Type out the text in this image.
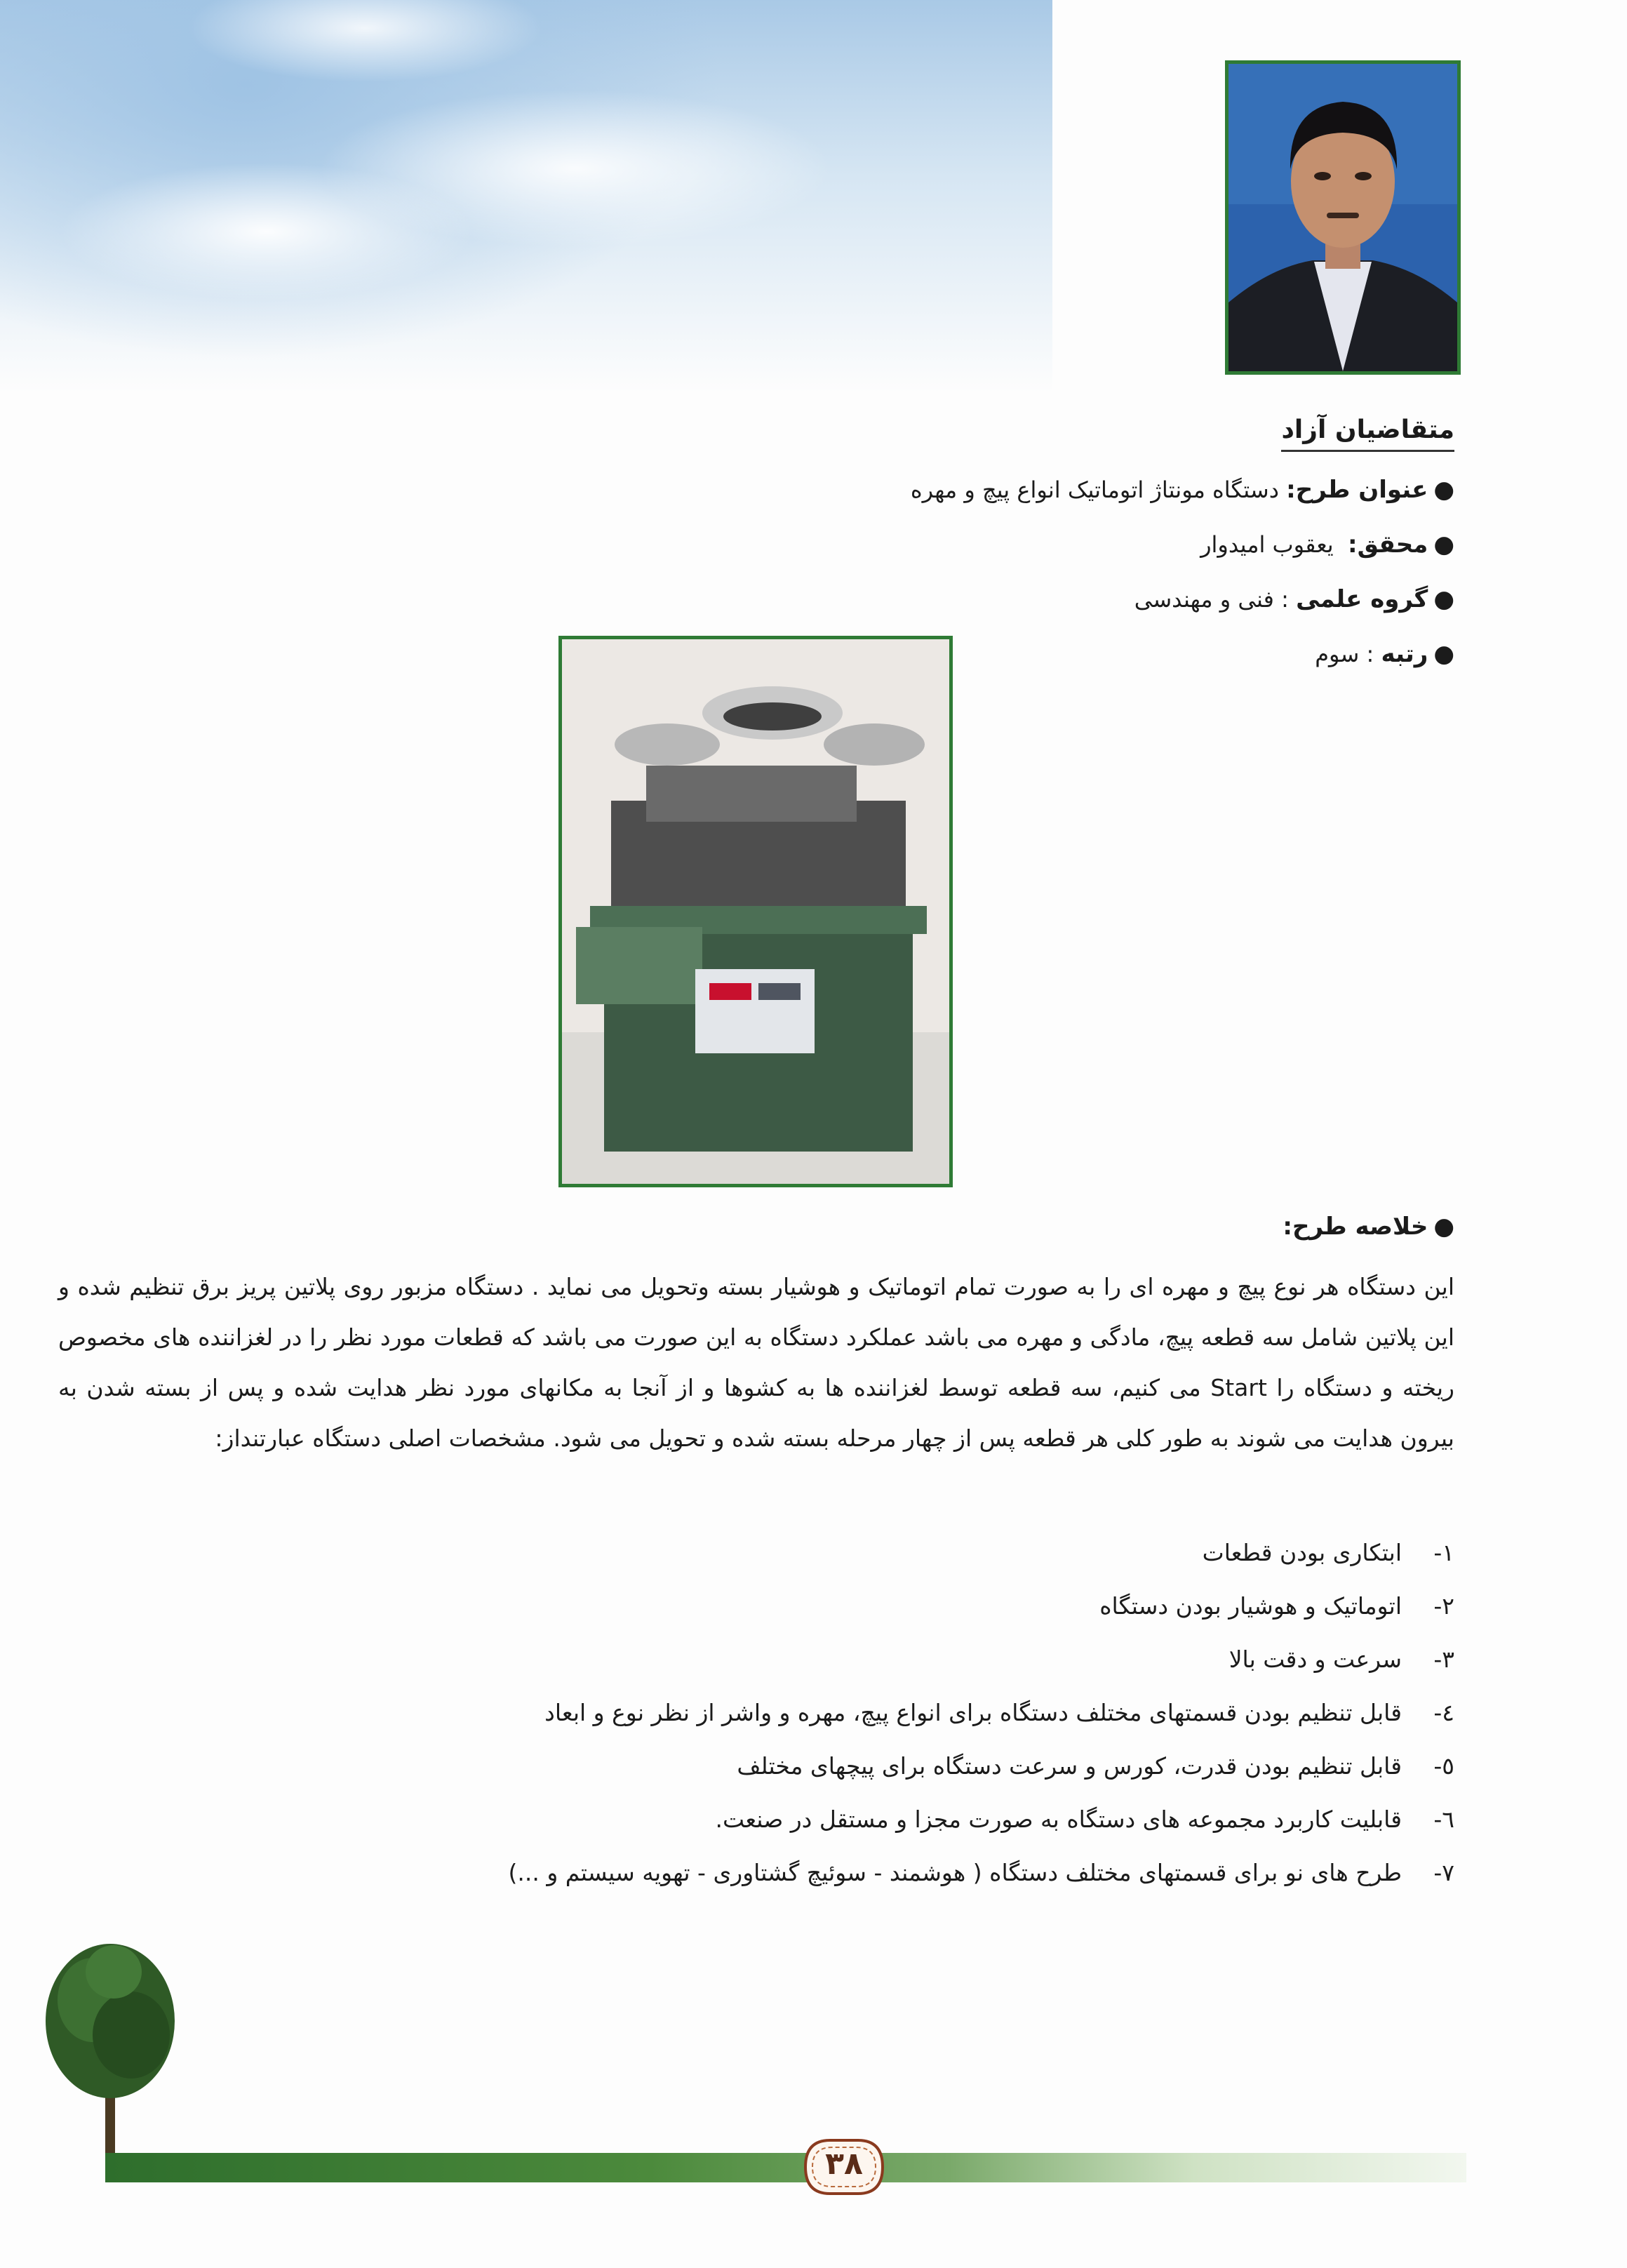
متقاضیان آزاد
●عنوان طرح: دستگاه مونتاژ اتوماتیک انواع پیچ و مهره
●محقق:  یعقوب امیدوار
●گروه علمی : فنی و مهندسی
●رتبه : سوم
●خلاصه طرح:
این دستگاه هر نوع پیچ و مهره ای را به صورت تمام اتوماتیک و هوشیار بسته وتحویل می نماید . دستگاه مزبور روی پلاتین پریز برق تنظیم شده و این پلاتین شامل سه قطعه پیچ، مادگی و مهره می باشد عملکرد دستگاه به این صورت می باشد که قطعات مورد نظر را در لغزاننده های مخصوص ریخته و دستگاه را Start می کنیم، سه قطعه توسط لغزاننده ها به کشوها و از آنجا به مکانهای مورد نظر هدایت شده و پس از بسته شدن به بیرون هدایت می شوند به طور کلی هر قطعه پس از چهار مرحله بسته شده و تحویل می شود. مشخصات اصلی دستگاه عبارتنداز:
۱-  ابتکاری بودن قطعات
۲-  اتوماتیک و هوشیار بودن دستگاه
۳-  سرعت و دقت بالا
٤-  قابل تنظیم بودن قسمتهای مختلف دستگاه برای انواع پیچ، مهره و واشر از نظر نوع و ابعاد
٥-  قابل تنظیم بودن قدرت، کورس و سرعت دستگاه برای پیچهای مختلف
٦-  قابلیت کاربرد مجموعه های دستگاه به صورت مجزا و مستقل در صنعت.
۷-  طرح های نو برای قسمتهای مختلف دستگاه ( هوشمند - سوئیچ گشتاوری - تهویه سیستم و ...)
۳۸
